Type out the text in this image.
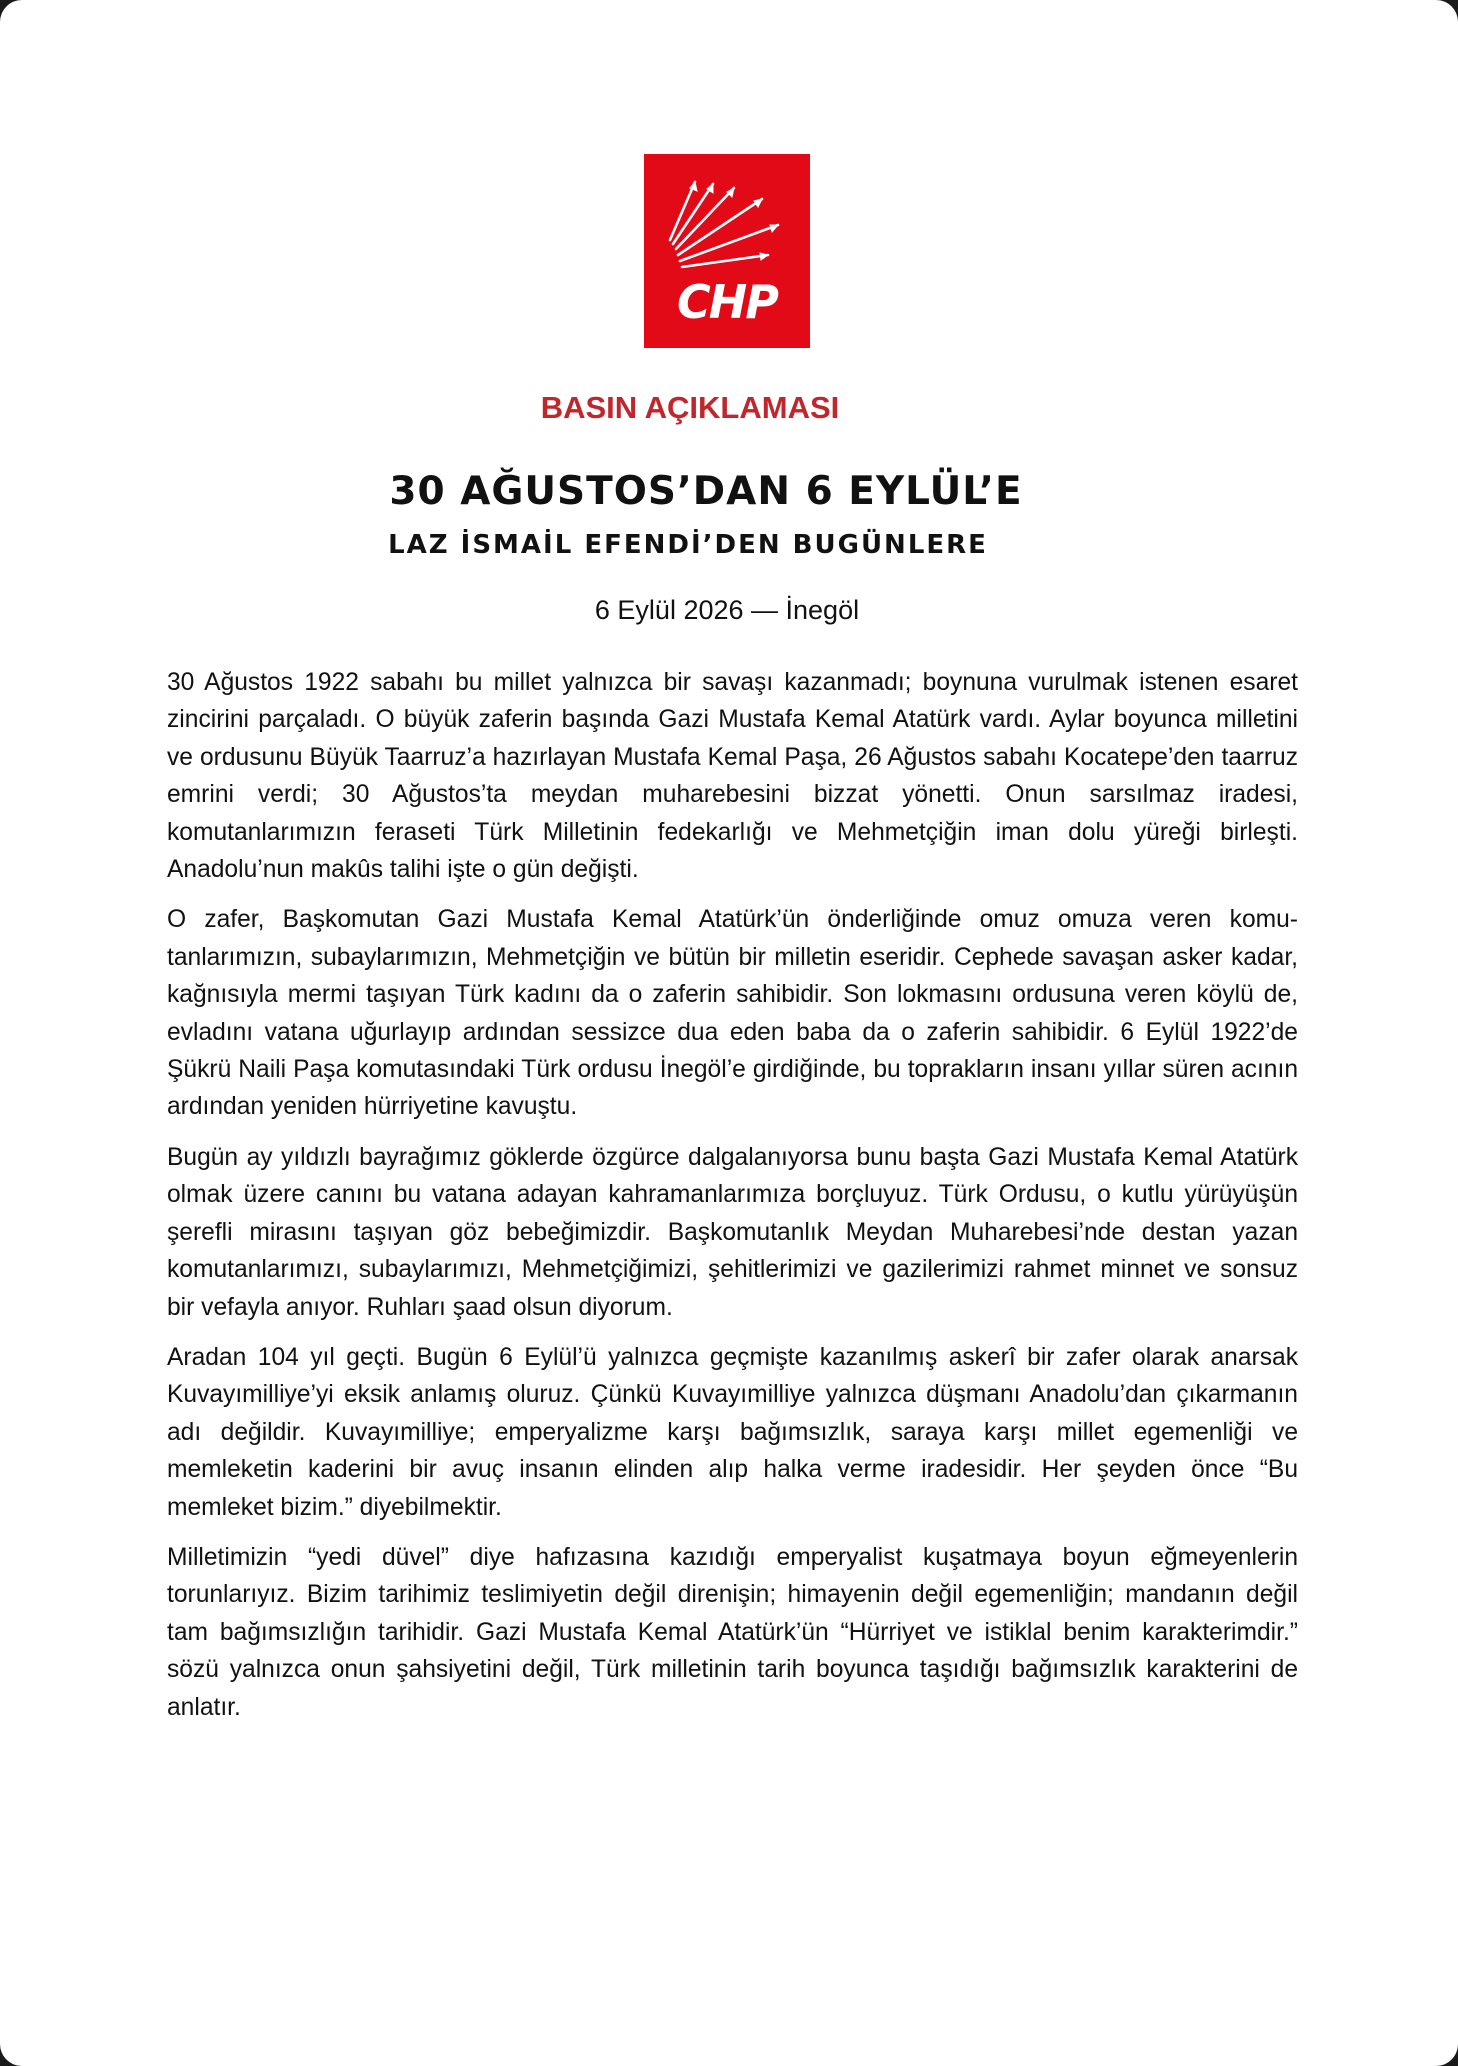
CHP
BASIN AÇIKLAMASI
30 AĞUSTOS’DAN 6 EYLÜL’E
LAZ İSMAİL EFENDİ’DEN BUGÜNLERE
6 Eylül 2026 — İnegöl

30 Ağustos 1922 sabahı bu millet yalnızca bir savaşı kazanmadı; boynuna vurulmak istenen esaret zincirini parçaladı. O büyük zaferin başında Gazi Mustafa Kemal Atatürk vardı. Aylar boyunca milletini ve ordusunu Büyük Taarruz’a hazırlayan Mustafa Kemal Paşa, 26 Ağustos sabahı Kocatepe’den taarruz emrini verdi; 30 Ağustos’ta meydan muharebesini bizzat yönetti. Onun sarsılmaz iradesi, komutanlarımızın feraseti Türk Milletinin fedekarlığı ve Mehmetçiğin iman dolu yüreği birleşti. Anadolu’nun makûs talihi işte o gün değişti.

O zafer, Başkomutan Gazi Mustafa Kemal Atatürk’ün önderliğinde omuz omuza veren komutanlarımızın, subaylarımızın, Mehmetçiğin ve bütün bir milletin eseridir. Cephede savaşan asker kadar, kağnısıyla mermi taşıyan Türk kadını da o zaferin sahibidir. Son lokmasını ordusuna veren köylü de, evladını vatana uğurlayıp ardından sessizce dua eden baba da o zaferin sahibidir. 6 Eylül 1922’de Şükrü Naili Paşa komutasındaki Türk ordusu İnegöl’e girdiğinde, bu toprakların insanı yıllar süren acının ardından yeniden hürriyetine kavuştu.

Bugün ay yıldızlı bayrağımız göklerde özgürce dalgalanıyorsa bunu başta Gazi Mustafa Kemal Atatürk olmak üzere canını bu vatana adayan kahramanlarımıza borçluyuz. Türk Ordusu, o kutlu yürüyüşün şerefli mirasını taşıyan göz bebeğimizdir. Başkomutanlık Meydan Muharebesi’nde destan yazan komutanlarımızı, subaylarımızı, Mehmetçiğimizi, şehitlerimizi ve gazilerimizi rahmet minnet ve sonsuz bir vefayla anıyor. Ruhları şaad olsun diyorum.

Aradan 104 yıl geçti. Bugün 6 Eylül’ü yalnızca geçmişte kazanılmış askerî bir zafer olarak anarsak Kuvayımilliye’yi eksik anlamış oluruz. Çünkü Kuvayımilliye yalnızca düşmanı Anadolu’dan çıkarmanın adı değildir. Kuvayımilliye; emperyalizme karşı bağımsızlık, saraya karşı millet egemenliği ve memleketin kaderini bir avuç insanın elinden alıp halka verme iradesidir. Her şeyden önce “Bu memleket bizim.” diyebilmektir.

Milletimizin “yedi düvel” diye hafızasına kazıdığı emperyalist kuşatmaya boyun eğmeyenlerin torunlarıyız. Bizim tarihimiz teslimiyetin değil direnişin; himayenin değil egemenliğin; mandanın değil tam bağımsızlığın tarihidir. Gazi Mustafa Kemal Atatürk’ün “Hürriyet ve istiklal benim karakterimdir.” sözü yalnızca onun şahsiyetini değil, Türk milletinin tarih boyunca taşıdığı bağımsızlık karakterini de anlatır.
